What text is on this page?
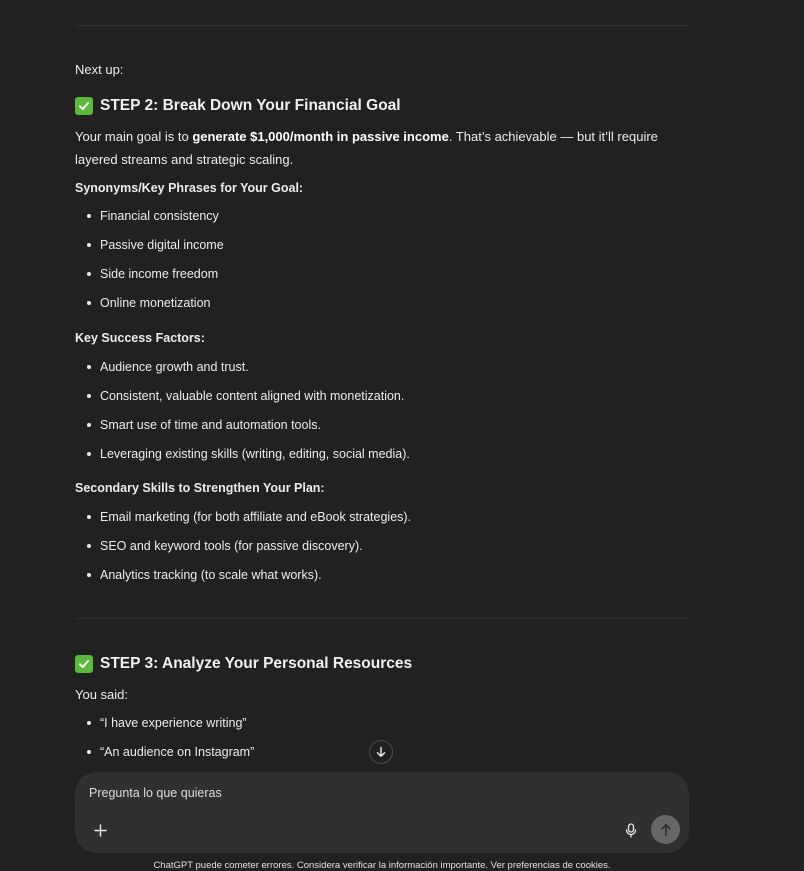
Next up:
STEP 2: Break Down Your Financial Goal
Your main goal is to generate $1,000/month in passive income. That’s achievable — but it’ll require layered streams and strategic scaling.
Synonyms/Key Phrases for Your Goal:
Financial consistency
Passive digital income
Side income freedom
Online monetization
Key Success Factors:
Audience growth and trust.
Consistent, valuable content aligned with monetization.
Smart use of time and automation tools.
Leveraging existing skills (writing, editing, social media).
Secondary Skills to Strengthen Your Plan:
Email marketing (for both affiliate and eBook strategies).
SEO and keyword tools (for passive discovery).
Analytics tracking (to scale what works).
STEP 3: Analyze Your Personal Resources
You said:
“I have experience writing”
“An audience on Instagram”
Pregunta lo que quieras
ChatGPT puede cometer errores. Considera verificar la información importante. Ver preferencias de cookies.
